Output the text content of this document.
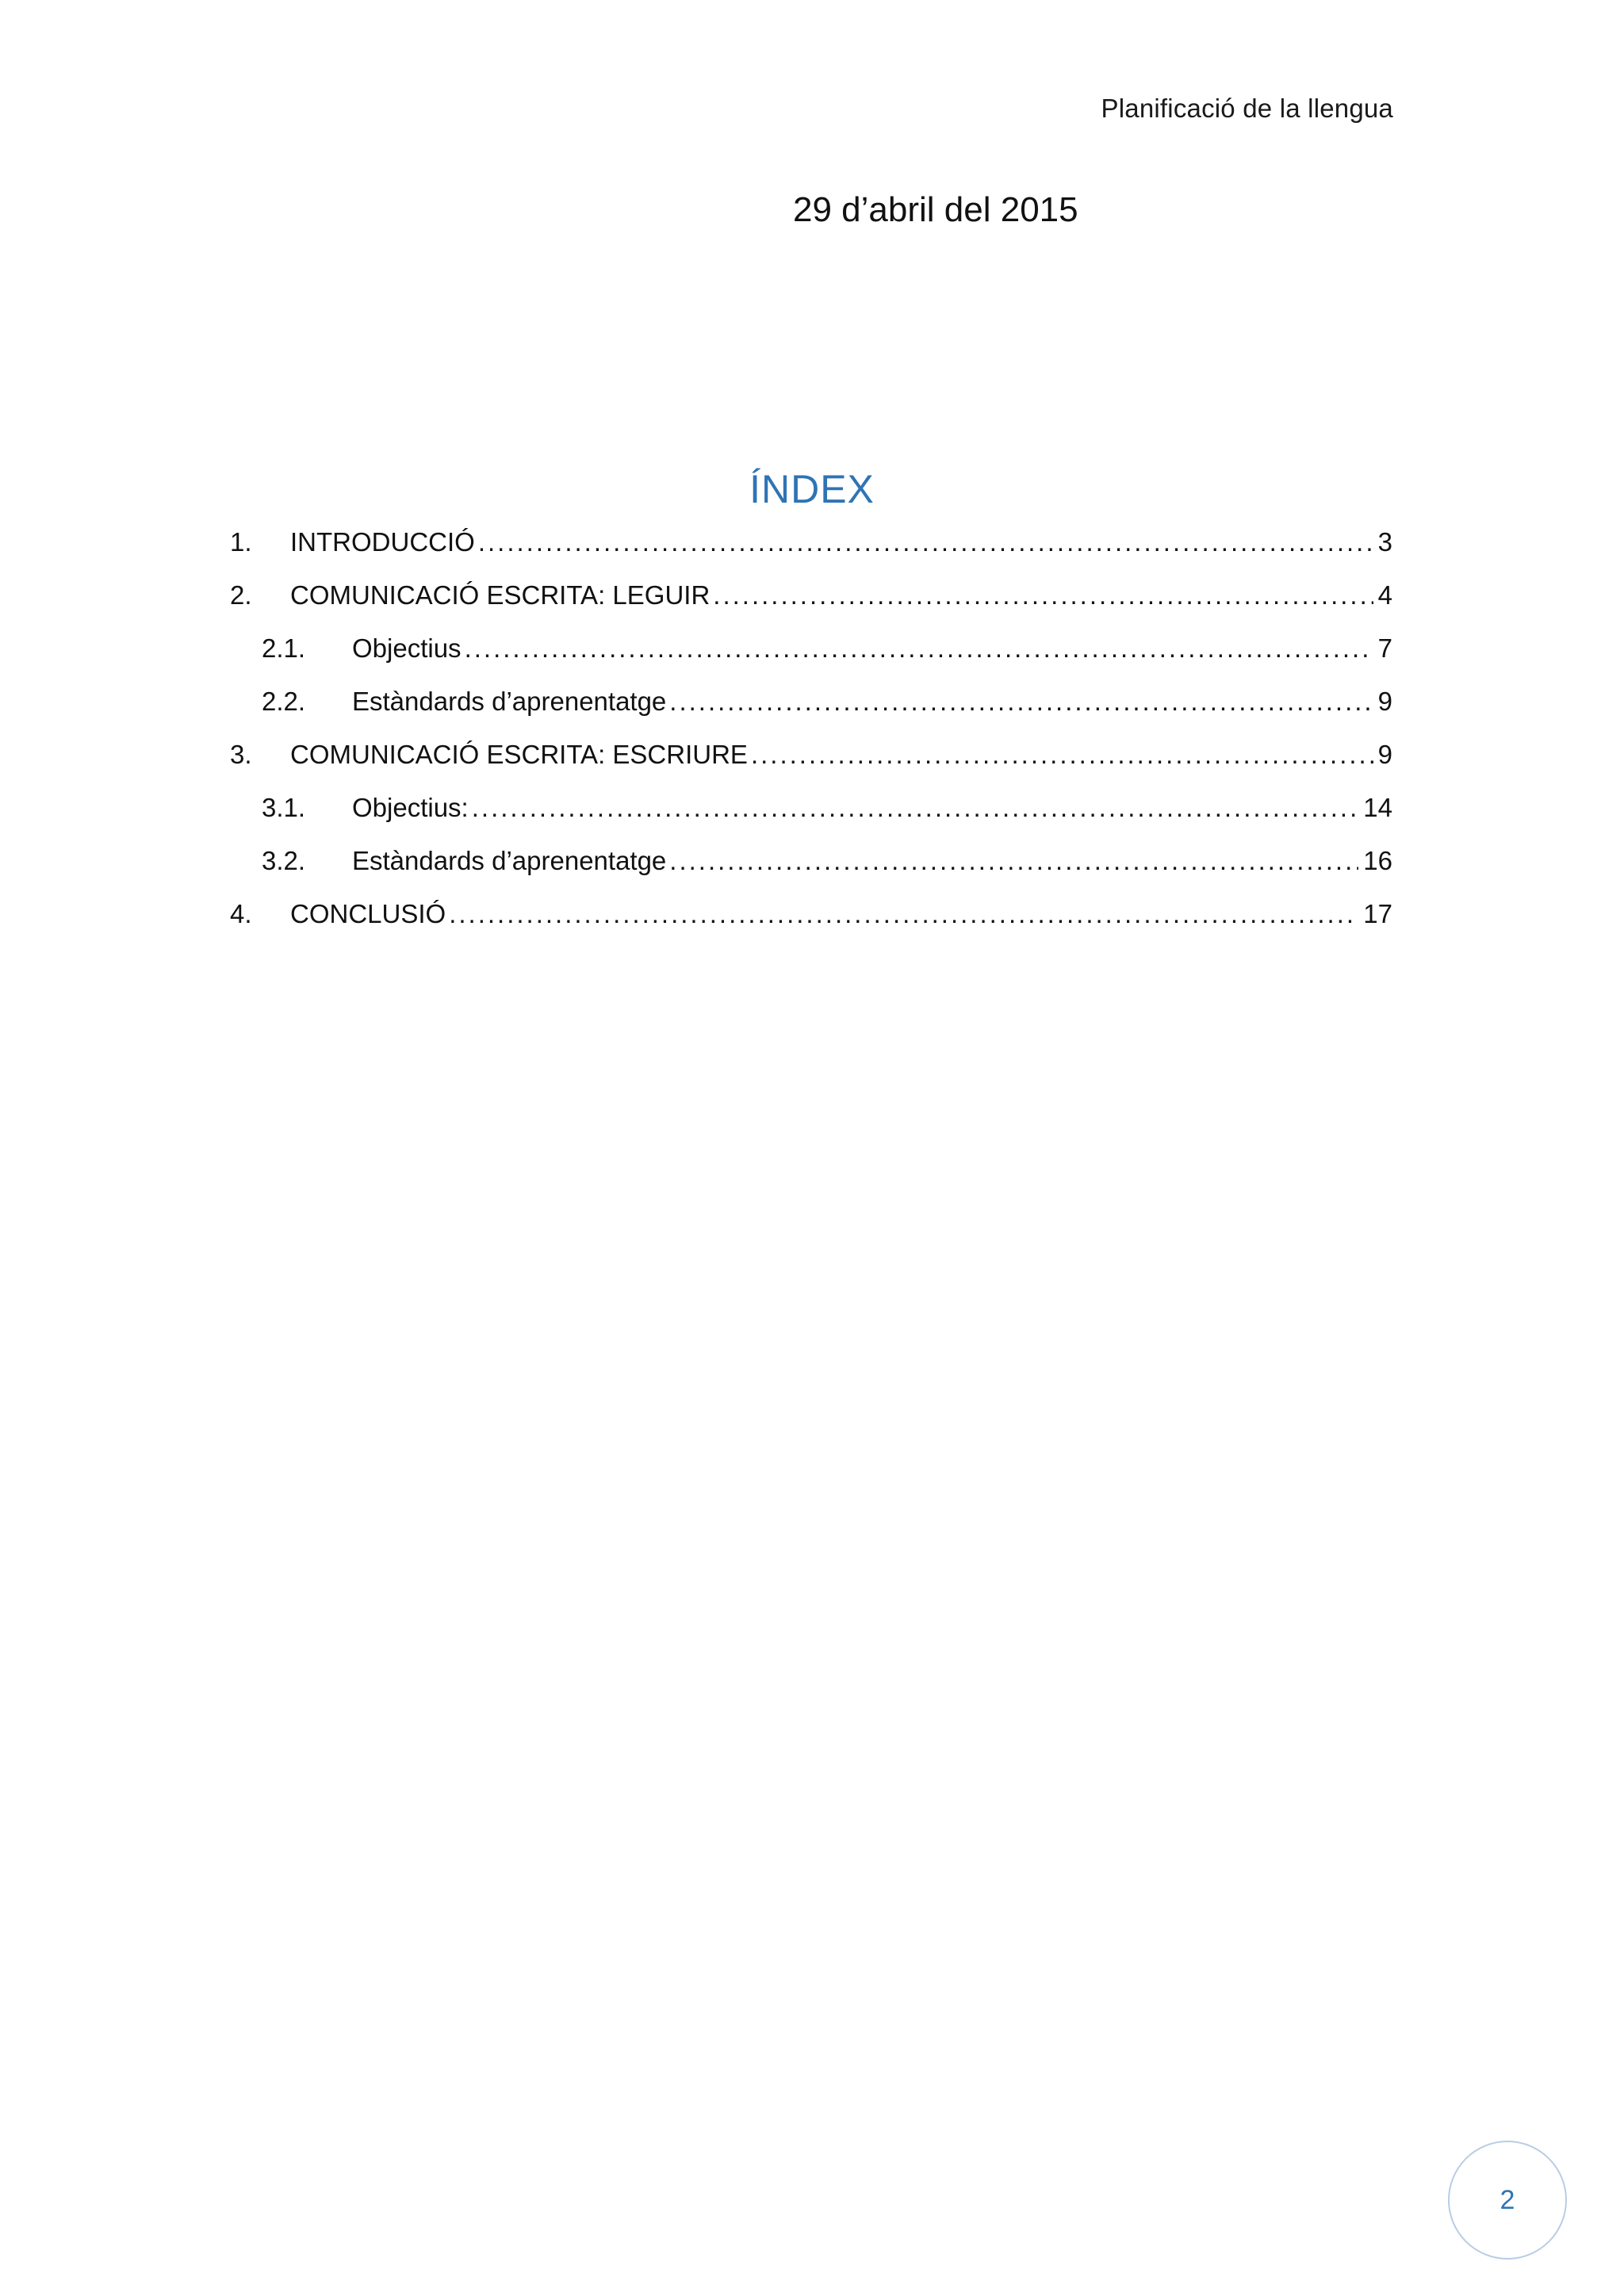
Planificació de la llengua
29 d’abril del 2015
ÍNDEX
1.	INTRODUCCIÓ .....	3
2.	COMUNICACIÓ ESCRITA: LEGUIR .....	4
2.1.	Objectius .....	7
2.2.	Estàndards d’aprenentatge .....	9
3.	COMUNICACIÓ ESCRITA: ESCRIURE .....	9
3.1.	Objectius: .....	14
3.2.	Estàndards d’aprenentatge .....	16
4.	CONCLUSIÓ .....	17
2
